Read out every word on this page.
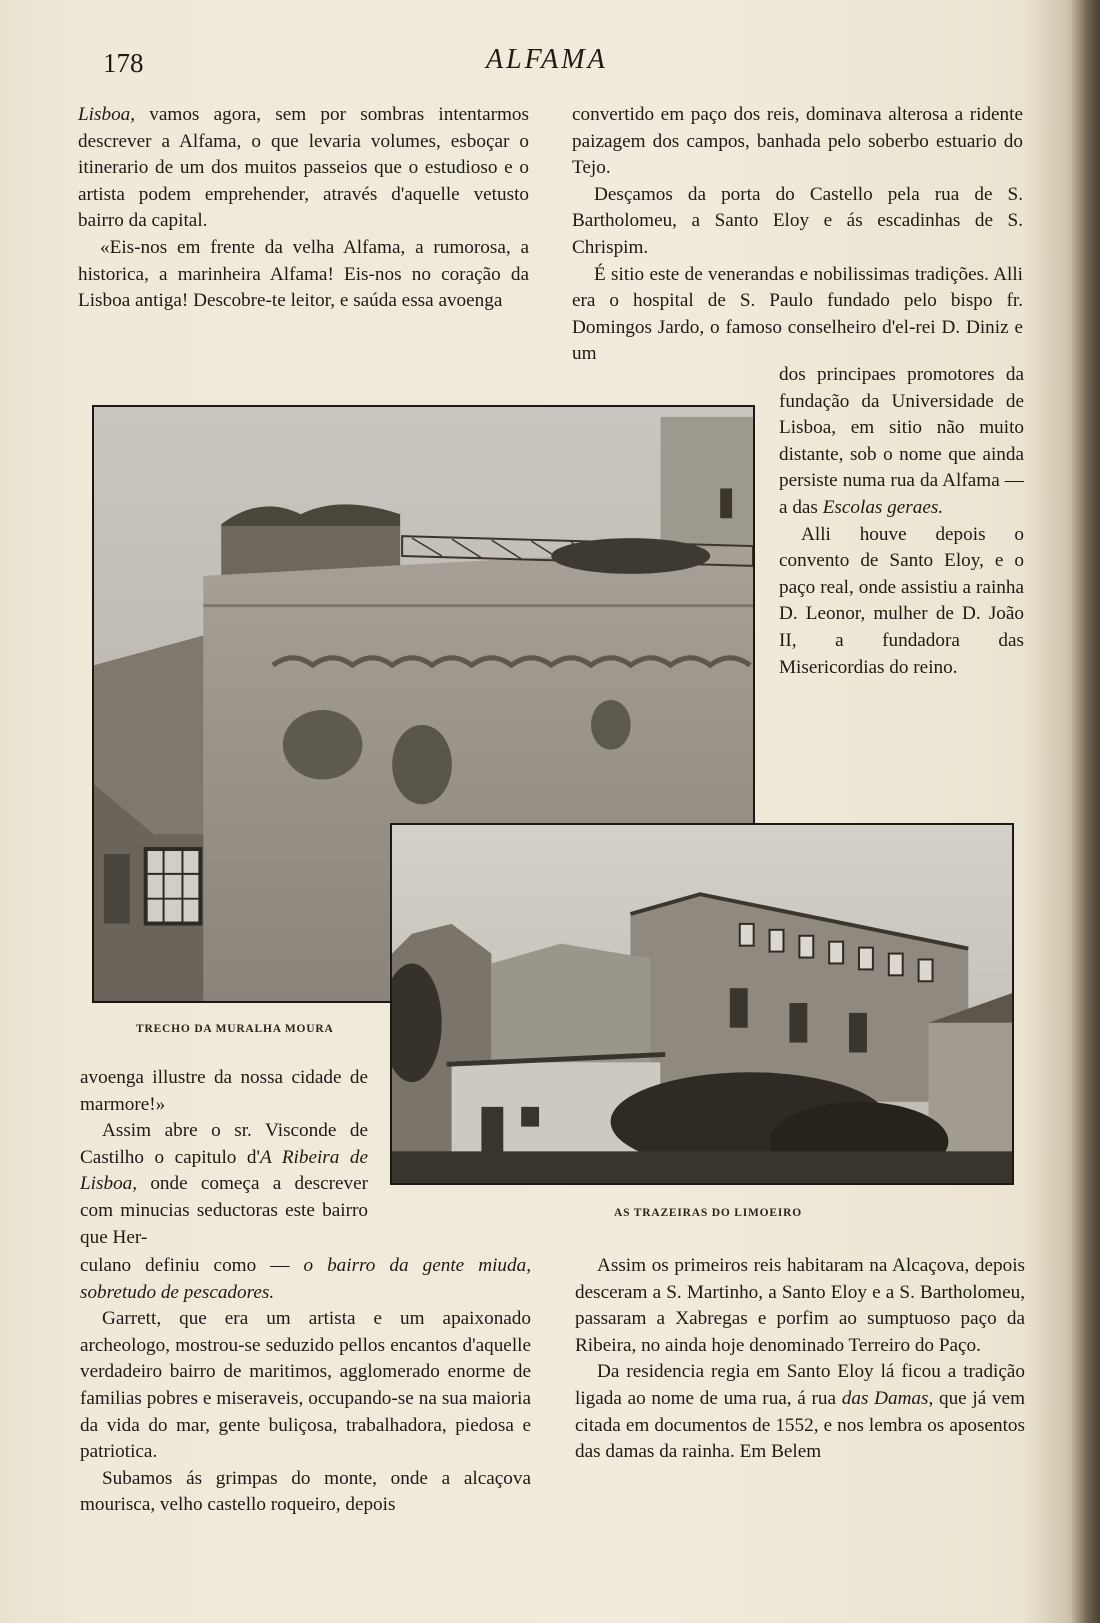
178	ALFAMA

Lisboa, vamos agora, sem por sombras intentarmos descrever a Alfama, o que levaria volumes, esboçar o itinerario de um dos muitos passeios que o estudioso e o artista podem emprehender, através d'aquelle vetusto bairro da capital.

«Eis-nos em frente da velha Alfama, a rumorosa, a historica, a marinheira Alfama! Eis-nos no coração da Lisboa antiga! Descobre-te leitor, e saúda essa avoenga

convertido em paço dos reis, dominava alterosa a ridente paizagem dos campos, banhada pelo soberbo estuario do Tejo.

Desçamos da porta do Castello pela rua de S. Bartholomeu, a Santo Eloy e ás escadinhas de S. Chrispim.

É sitio este de venerandas e nobilissimas tradições. Alli era o hospital de S. Paulo fundado pelo bispo fr. Domingos Jardo, o famoso conselheiro d'el-rei D. Diniz e um

dos principaes promotores da fundação da Universidade de Lisboa, em sitio não muito distante, sob o nome que ainda persiste numa rua da Alfama — a das Escolas geraes.

Alli houve depois o convento de Santo Eloy, e o paço real, onde assistiu a rainha D. Leonor, mulher de D. João II, a fundadora das Misericordias do reino.

TRECHO DA MURALHA MOURA
AS TRAZEIRAS DO LIMOEIRO

avoenga illustre da nossa cidade de marmore!»

Assim abre o sr. Visconde de Castilho o capitulo d'A Ribeira de Lisboa, onde começa a descrever com minucias seductoras este bairro que Her-

culano definiu como — o bairro da gente miuda, sobretudo de pescadores.

Garrett, que era um artista e um apaixonado archeologo, mostrou-se seduzido pellos encantos d'aquelle verdadeiro bairro de maritimos, agglomerado enorme de familias pobres e miseraveis, occupando-se na sua maioria da vida do mar, gente buliçosa, trabalhadora, piedosa e patriotica.

Subamos ás grimpas do monte, onde a alcaçova mourisca, velho castello roqueiro, depois

Assim os primeiros reis habitaram na Alcaçova, depois desceram a S. Martinho, a Santo Eloy e a S. Bartholomeu, passaram a Xabregas e porfim ao sumptuoso paço da Ribeira, no ainda hoje denominado Terreiro do Paço.

Da residencia regia em Santo Eloy lá ficou a tradição ligada ao nome de uma rua, á rua das Damas, que já vem citada em documentos de 1552, e nos lembra os aposentos das damas da rainha. Em Belem
